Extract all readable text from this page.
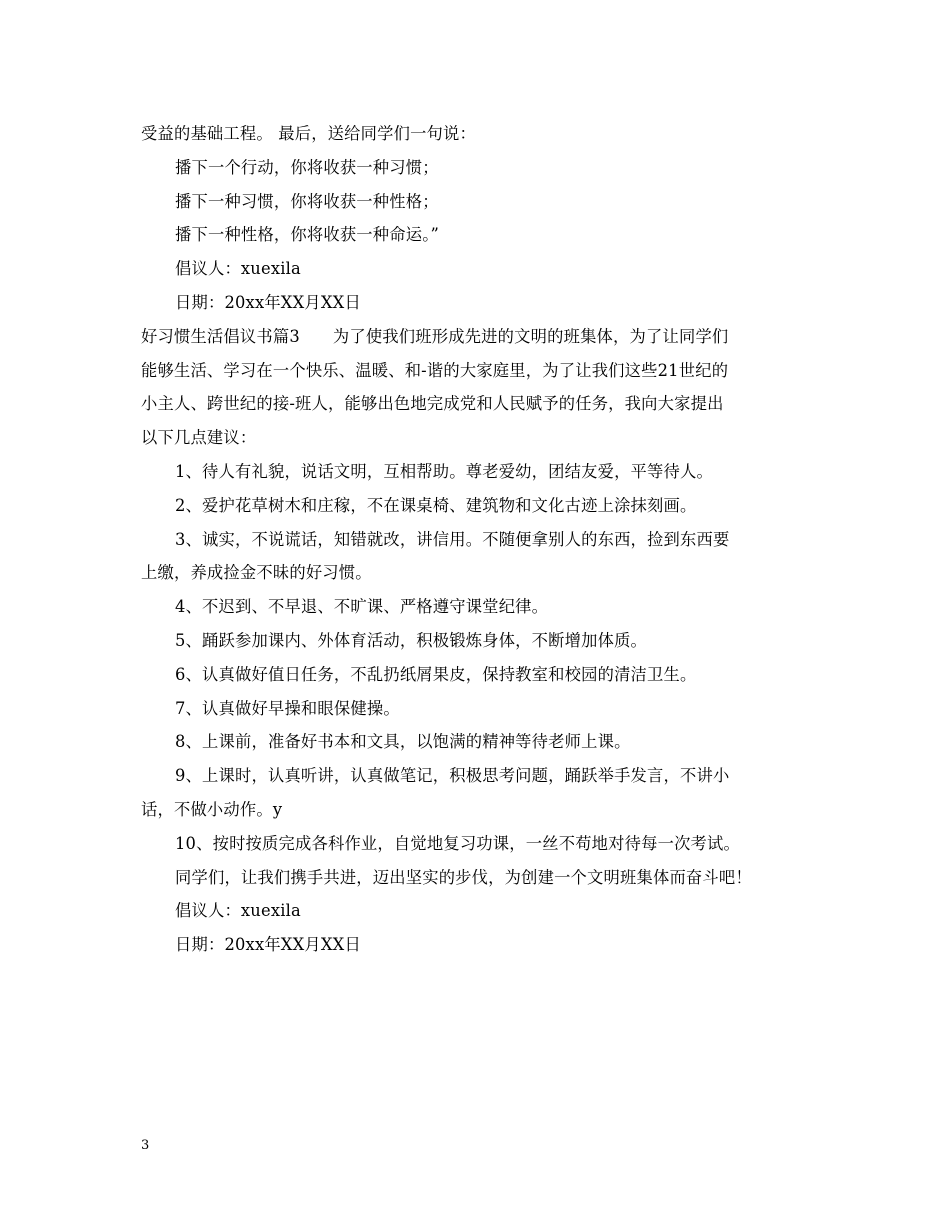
受益的基础工程。 最后，送给同学们一句说：
播下一个行动，你将收获一种习惯；
播下一种习惯，你将收获一种性格；
播下一种性格，你将收获一种命运。”
倡议人：xuexila
日期：20xx年XX月XX日
好习惯生活倡议书篇3　　为了使我们班形成先进的文明的班集体，为了让同学们
能够生活、学习在一个快乐、温暖、和-谐的大家庭里，为了让我们这些21世纪的
小主人、跨世纪的接-班人，能够出色地完成党和人民赋予的任务，我向大家提出
以下几点建议：
1、待人有礼貌，说话文明，互相帮助。尊老爱幼，团结友爱，平等待人。
2、爱护花草树木和庄稼，不在课桌椅、建筑物和文化古迹上涂抹刻画。
3、诚实，不说谎话，知错就改，讲信用。不随便拿别人的东西，捡到东西要
上缴，养成捡金不昧的好习惯。
4、不迟到、不早退、不旷课、严格遵守课堂纪律。
5、踊跃参加课内、外体育活动，积极锻炼身体，不断增加体质。
6、认真做好值日任务，不乱扔纸屑果皮，保持教室和校园的清洁卫生。
7、认真做好早操和眼保健操。
8、上课前，准备好书本和文具，以饱满的精神等待老师上课。
9、上课时，认真听讲，认真做笔记，积极思考问题，踊跃举手发言，不讲小
话，不做小动作。y
10、按时按质完成各科作业，自觉地复习功课，一丝不苟地对待每一次考试。
同学们，让我们携手共进，迈出坚实的步伐，为创建一个文明班集体而奋斗吧！
倡议人：xuexila
日期：20xx年XX月XX日
3
